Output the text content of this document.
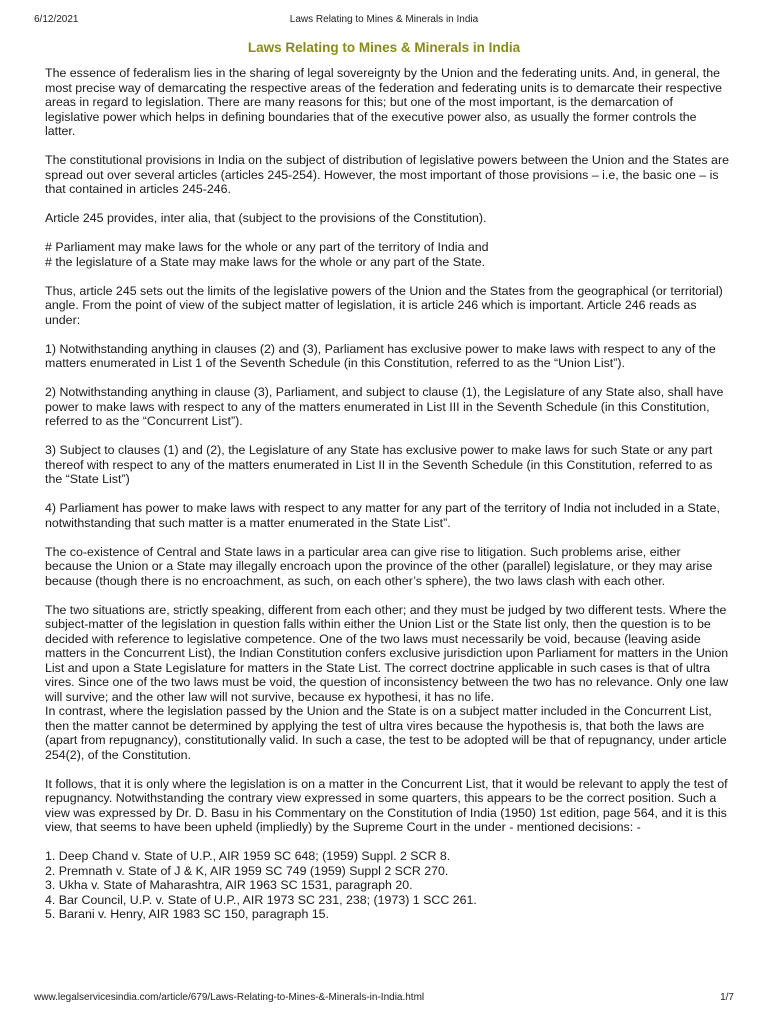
6/12/2021	Laws Relating to Mines & Minerals in India
Laws Relating to Mines & Minerals in India

The essence of federalism lies in the sharing of legal sovereignty by the Union and the federating units. And, in general, the most precise way of demarcating the respective areas of the federation and federating units is to demarcate their respective areas in regard to legislation. There are many reasons for this; but one of the most important, is the demarcation of legislative power which helps in defining boundaries that of the executive power also, as usually the former controls the latter.

The constitutional provisions in India on the subject of distribution of legislative powers between the Union and the States are spread out over several articles (articles 245-254). However, the most important of those provisions – i.e, the basic one – is that contained in articles 245-246.

Article 245 provides, inter alia, that (subject to the provisions of the Constitution).

# Parliament may make laws for the whole or any part of the territory of India and

# the legislature of a State may make laws for the whole or any part of the State.

Thus, article 245 sets out the limits of the legislative powers of the Union and the States from the geographical (or territorial) angle. From the point of view of the subject matter of legislation, it is article 246 which is important. Article 246 reads as under:

1) Notwithstanding anything in clauses (2) and (3), Parliament has exclusive power to make laws with respect to any of the matters enumerated in List 1 of the Seventh Schedule (in this Constitution, referred to as the “Union List”).

2) Notwithstanding anything in clause (3), Parliament, and subject to clause (1), the Legislature of any State also, shall have power to make laws with respect to any of the matters enumerated in List III in the Seventh Schedule (in this Constitution, referred to as the “Concurrent List”).

3) Subject to clauses (1) and (2), the Legislature of any State has exclusive power to make laws for such State or any part thereof with respect to any of the matters enumerated in List II in the Seventh Schedule (in this Constitution, referred to as the “State List”)

4) Parliament has power to make laws with respect to any matter for any part of the territory of India not included in a State, notwithstanding that such matter is a matter enumerated in the State List”.

The co-existence of Central and State laws in a particular area can give rise to litigation. Such problems arise, either because the Union or a State may illegally encroach upon the province of the other (parallel) legislature, or they may arise because (though there is no encroachment, as such, on each other’s sphere), the two laws clash with each other.

The two situations are, strictly speaking, different from each other; and they must be judged by two different tests. Where the subject-matter of the legislation in question falls within either the Union List or the State list only, then the question is to be decided with reference to legislative competence. One of the two laws must necessarily be void, because (leaving aside matters in the Concurrent List), the Indian Constitution confers exclusive jurisdiction upon Parliament for matters in the Union List and upon a State Legislature for matters in the State List. The correct doctrine applicable in such cases is that of ultra vires. Since one of the two laws must be void, the question of inconsistency between the two has no relevance. Only one law will survive; and the other law will not survive, because ex hypothesi, it has no life.

In contrast, where the legislation passed by the Union and the State is on a subject matter included in the Concurrent List, then the matter cannot be determined by applying the test of ultra vires because the hypothesis is, that both the laws are (apart from repugnancy), constitutionally valid. In such a case, the test to be adopted will be that of repugnancy, under article 254(2), of the Constitution.

It follows, that it is only where the legislation is on a matter in the Concurrent List, that it would be relevant to apply the test of repugnancy. Notwithstanding the contrary view expressed in some quarters, this appears to be the correct position. Such a view was expressed by Dr. D. Basu in his Commentary on the Constitution of India (1950) 1st edition, page 564, and it is this view, that seems to have been upheld (impliedly) by the Supreme Court in the under - mentioned decisions: -

1. Deep Chand v. State of U.P., AIR 1959 SC 648; (1959) Suppl. 2 SCR 8.
2. Premnath v. State of J & K, AIR 1959 SC 749 (1959) Suppl 2 SCR 270.
3. Ukha v. State of Maharashtra, AIR 1963 SC 1531, paragraph 20.
4. Bar Council, U.P. v. State of U.P., AIR 1973 SC 231, 238; (1973) 1 SCC 261.
5. Barani v. Henry, AIR 1983 SC 150, paragraph 15.
www.legalservicesindia.com/article/679/Laws-Relating-to-Mines-&-Minerals-in-India.html	1/7
